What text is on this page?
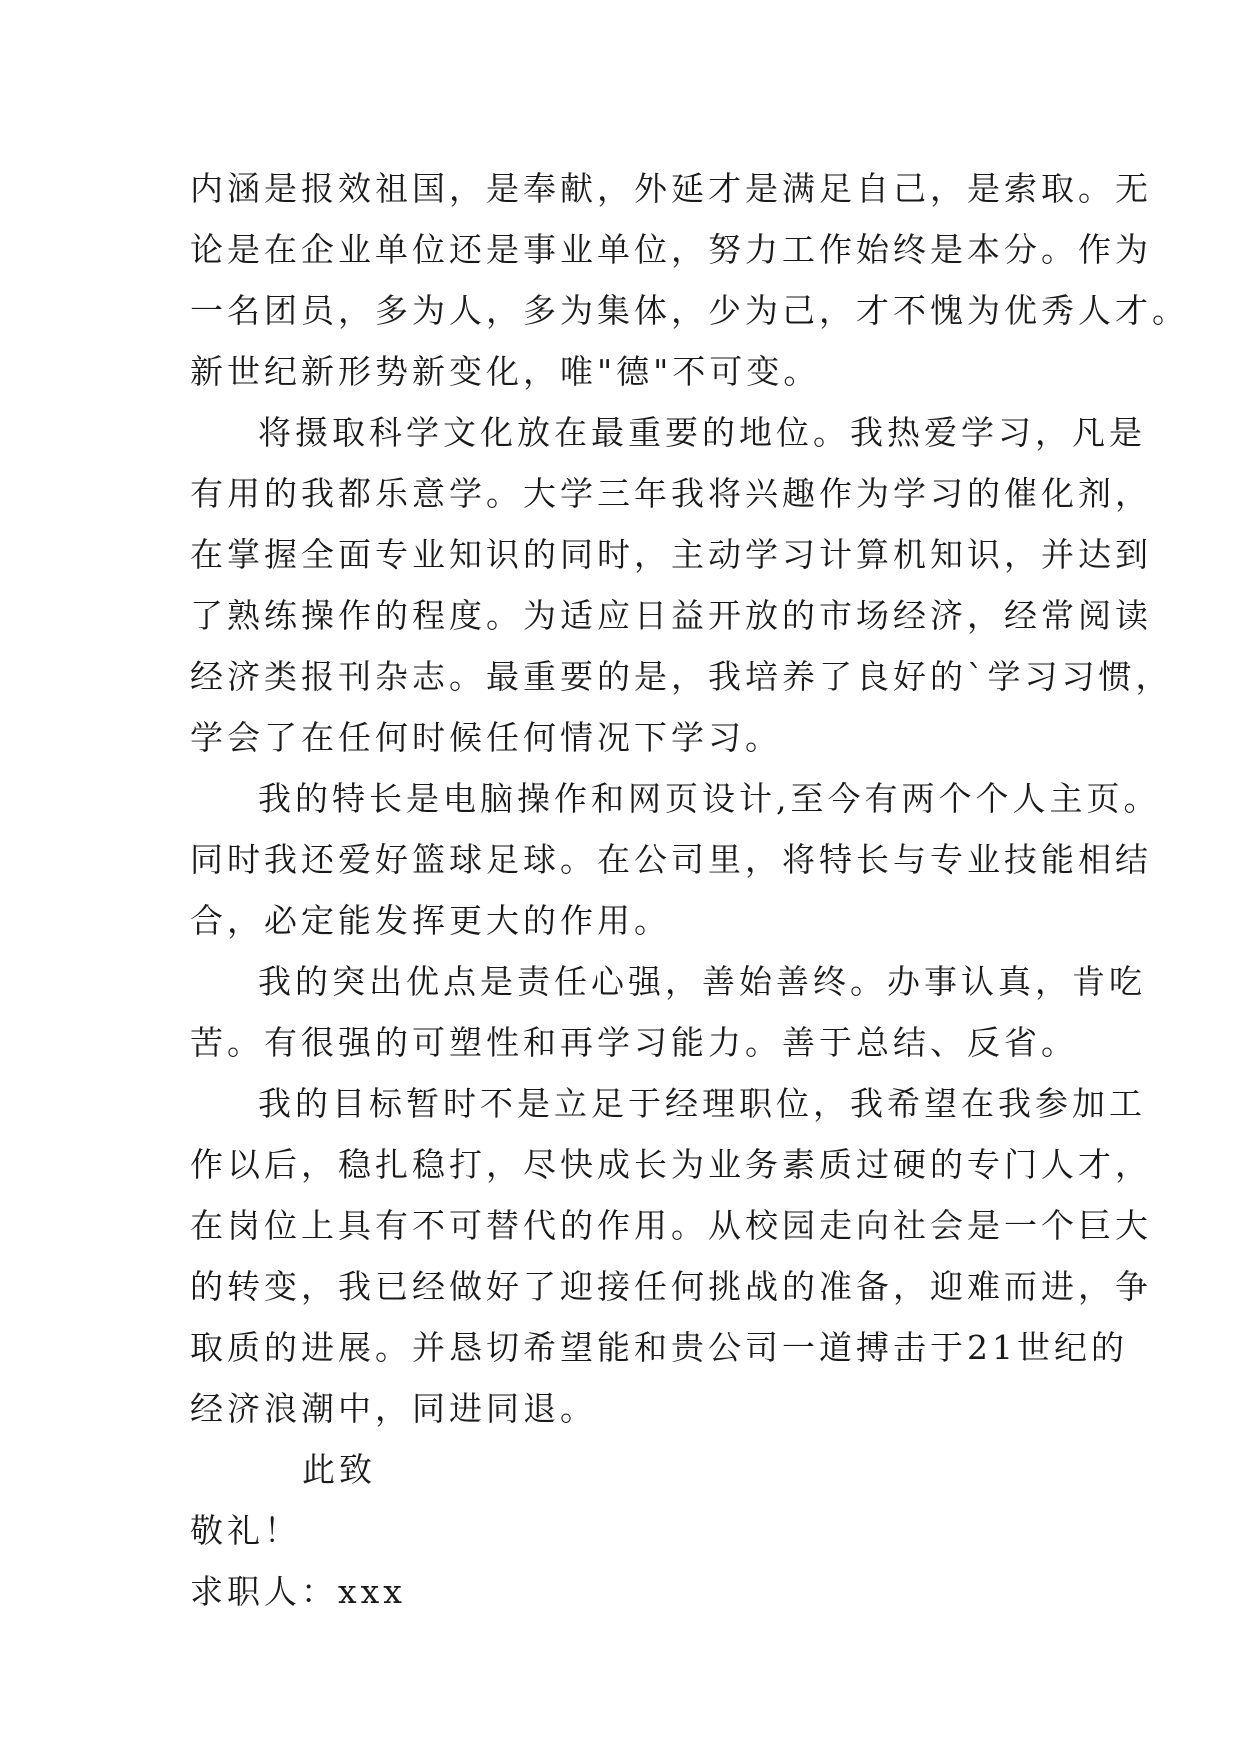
内涵是报效祖国，是奉献，外延才是满足自己，是索取。无
论是在企业单位还是事业单位，努力工作始终是本分。作为
一名团员，多为人，多为集体，少为己，才不愧为优秀人才。
新世纪新形势新变化，唯"德"不可变。
将摄取科学文化放在最重要的地位。我热爱学习，凡是
有用的我都乐意学。大学三年我将兴趣作为学习的催化剂，
在掌握全面专业知识的同时，主动学习计算机知识，并达到
了熟练操作的程度。为适应日益开放的市场经济，经常阅读
经济类报刊杂志。最重要的是，我培养了良好的`学习习惯，
学会了在任何时候任何情况下学习。
我的特长是电脑操作和网页设计,至今有两个个人主页。
同时我还爱好篮球足球。在公司里，将特长与专业技能相结
合，必定能发挥更大的作用。
我的突出优点是责任心强，善始善终。办事认真，肯吃
苦。有很强的可塑性和再学习能力。善于总结、反省。
我的目标暂时不是立足于经理职位，我希望在我参加工
作以后，稳扎稳打，尽快成长为业务素质过硬的专门人才，
在岗位上具有不可替代的作用。从校园走向社会是一个巨大
的转变，我已经做好了迎接任何挑战的准备，迎难而进，争
取质的进展。并恳切希望能和贵公司一道搏击于21世纪的
经济浪潮中，同进同退。
此致
敬礼！
求职人：xxx
